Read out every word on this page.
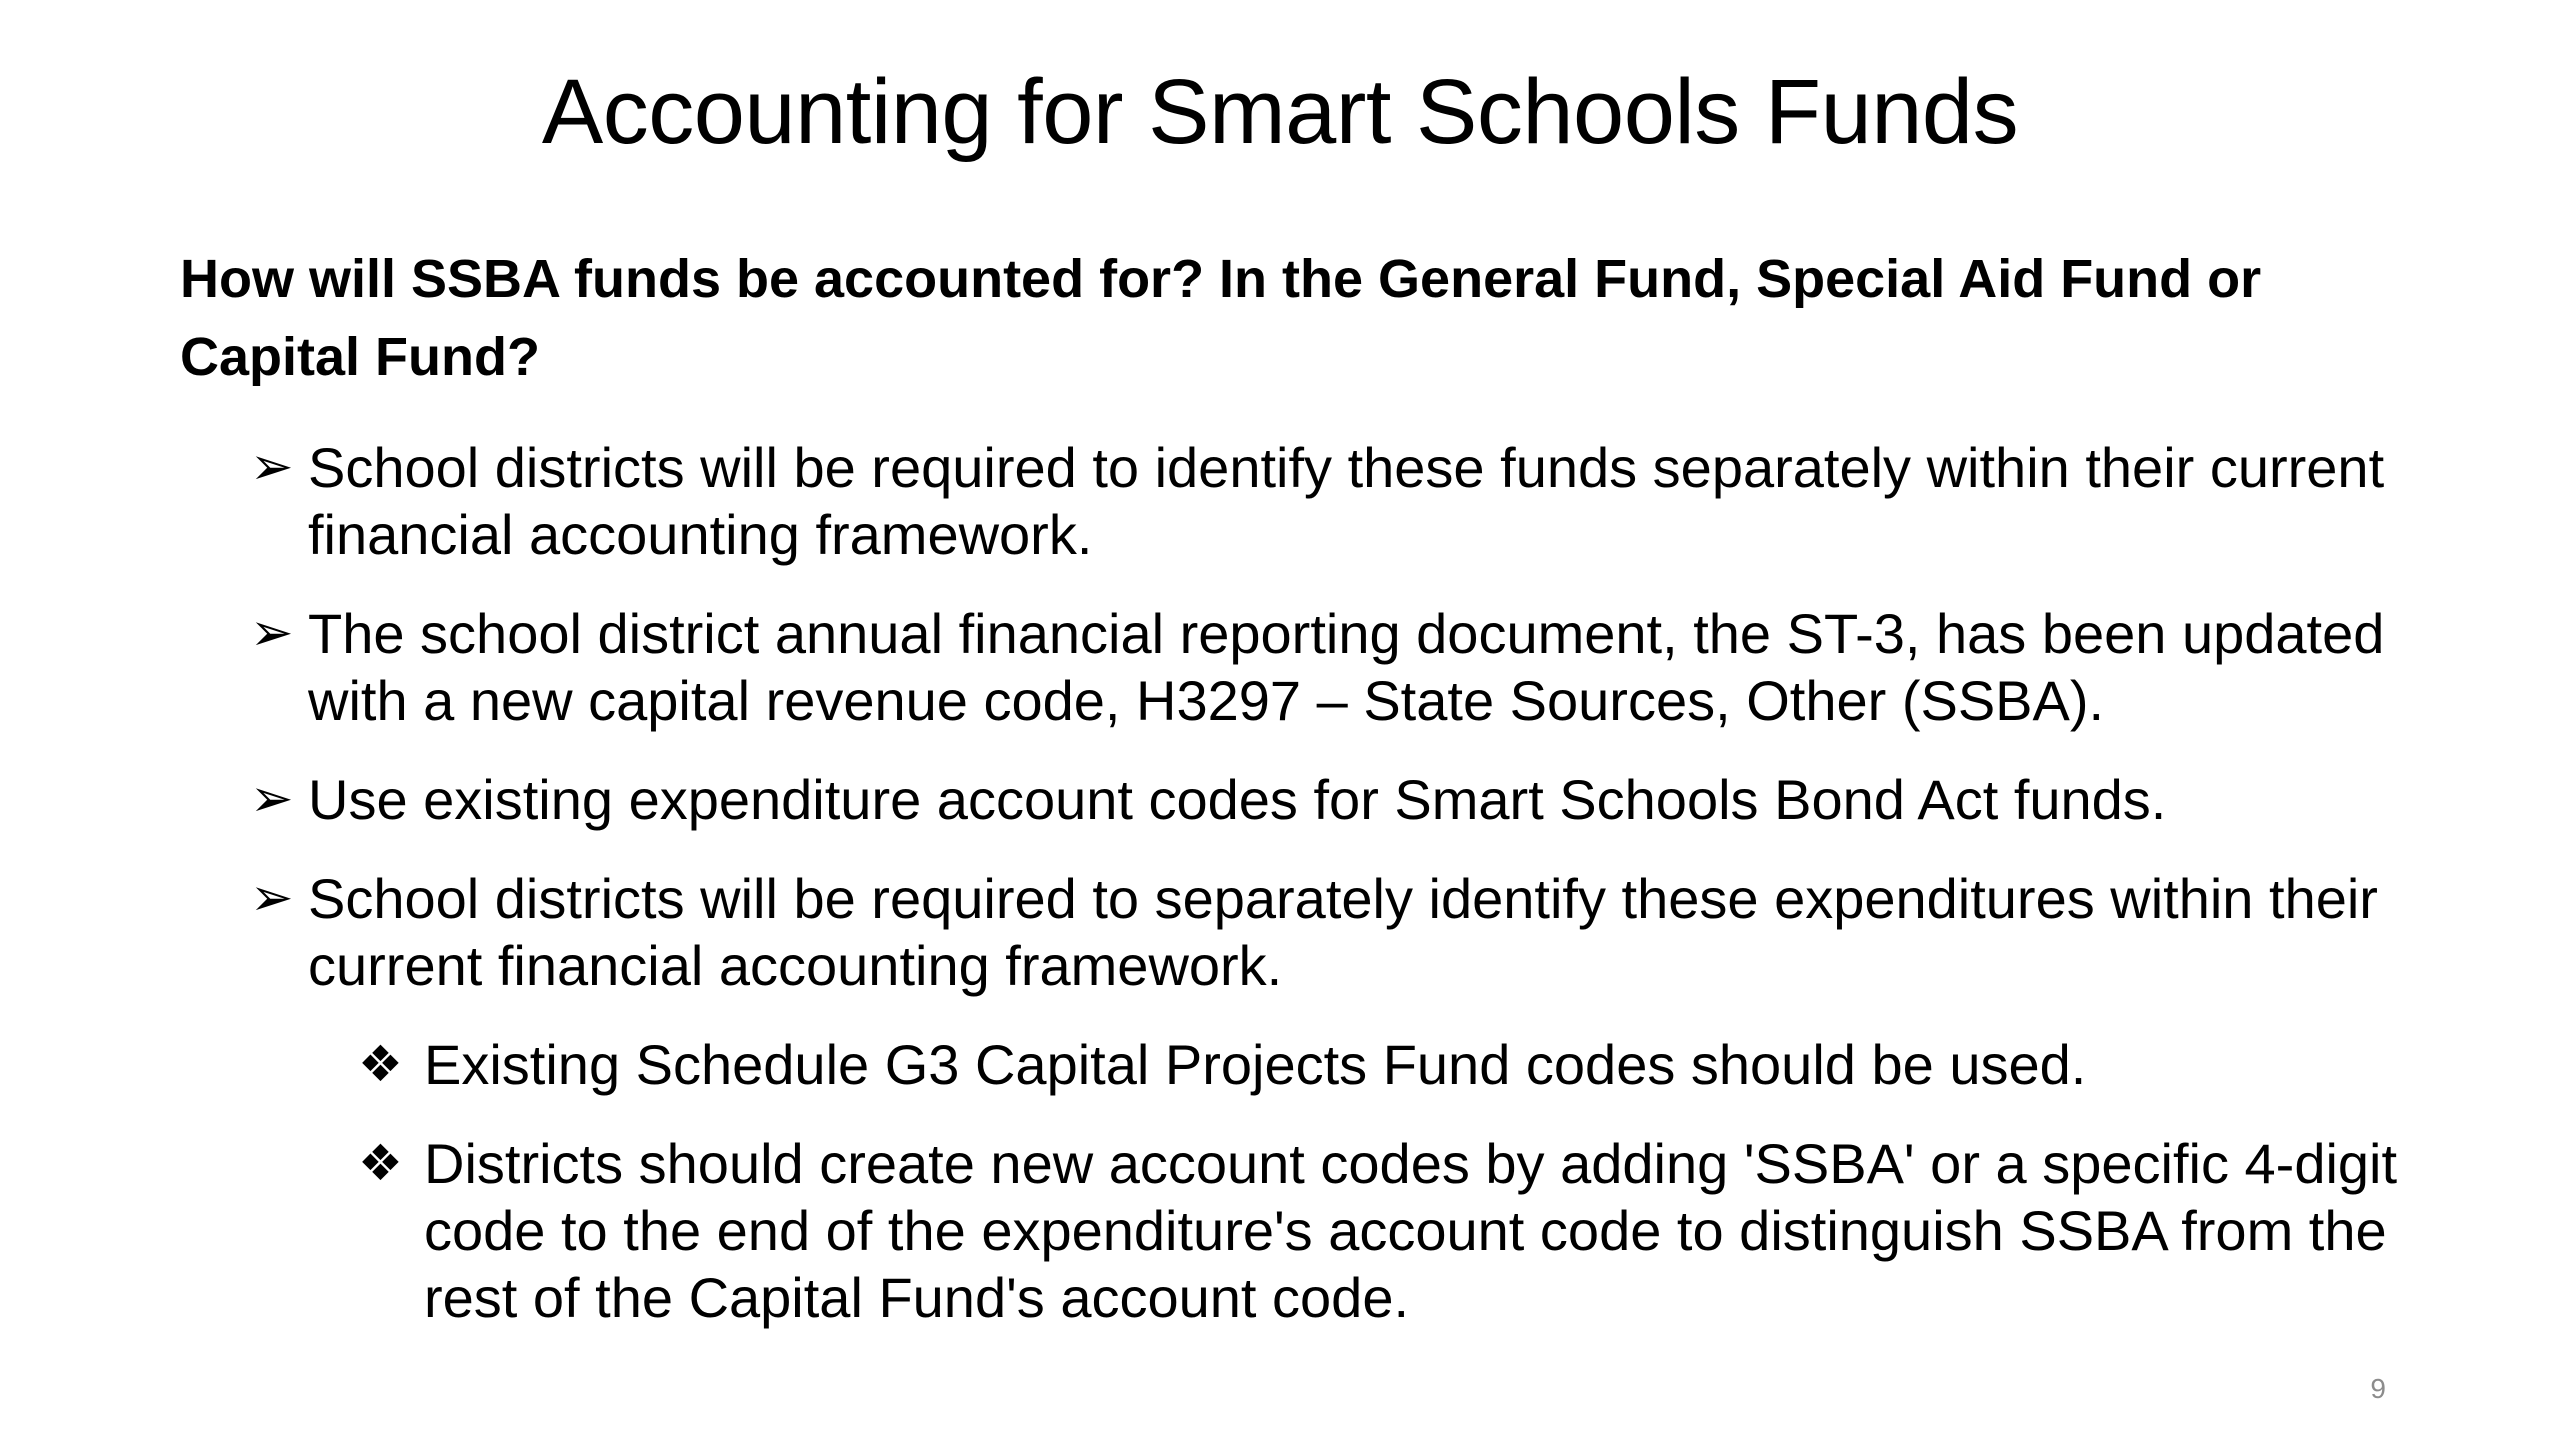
Accounting for Smart Schools Funds

How will SSBA funds be accounted for? In the General Fund, Special Aid Fund or Capital Fund?

➢ School districts will be required to identify these funds separately within their current financial accounting framework.

➢ The school district annual financial reporting document, the ST-3, has been updated with a new capital revenue code, H3297 – State Sources, Other (SSBA).

➢ Use existing expenditure account codes for Smart Schools Bond Act funds.

➢ School districts will be required to separately identify these expenditures within their current financial accounting framework.

❖ Existing Schedule G3 Capital Projects Fund codes should be used.

❖ Districts should create new account codes by adding 'SSBA' or a specific 4-digit code to the end of the expenditure's account code to distinguish SSBA from the rest of the Capital Fund's account code.

9
